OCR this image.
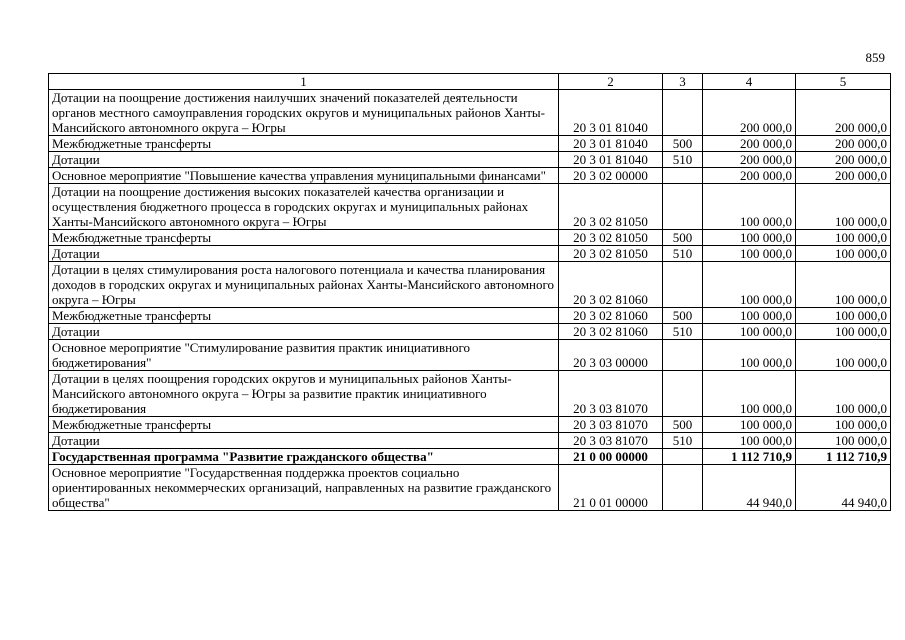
859
1	2	3	4	5
Дотации на поощрение достижения наилучших значений показателей деятельности органов местного самоуправления городских округов и муниципальных районов Ханты-Мансийского автономного округа – Югры	20 3 01 81040		200 000,0	200 000,0
Межбюджетные трансферты	20 3 01 81040	500	200 000,0	200 000,0
Дотации	20 3 01 81040	510	200 000,0	200 000,0
Основное мероприятие "Повышение качества управления муниципальными финансами"	20 3 02 00000		200 000,0	200 000,0
Дотации на поощрение достижения высоких показателей качества организации и осуществления бюджетного процесса в городских округах и муниципальных районах Ханты-Мансийского автономного округа – Югры	20 3 02 81050		100 000,0	100 000,0
Межбюджетные трансферты	20 3 02 81050	500	100 000,0	100 000,0
Дотации	20 3 02 81050	510	100 000,0	100 000,0
Дотации в целях стимулирования роста налогового потенциала и качества планирования доходов в городских округах и муниципальных районах Ханты-Мансийского автономного округа – Югры	20 3 02 81060		100 000,0	100 000,0
Межбюджетные трансферты	20 3 02 81060	500	100 000,0	100 000,0
Дотации	20 3 02 81060	510	100 000,0	100 000,0
Основное мероприятие "Стимулирование развития практик инициативного бюджетирования"	20 3 03 00000		100 000,0	100 000,0
Дотации в целях поощрения городских округов и муниципальных районов Ханты-Мансийского автономного округа – Югры за развитие практик инициативного бюджетирования	20 3 03 81070		100 000,0	100 000,0
Межбюджетные трансферты	20 3 03 81070	500	100 000,0	100 000,0
Дотации	20 3 03 81070	510	100 000,0	100 000,0
Государственная программа "Развитие гражданского общества"	21 0 00 00000		1 112 710,9	1 112 710,9
Основное мероприятие "Государственная поддержка проектов социально ориентированных некоммерческих организаций, направленных на развитие гражданского общества"	21 0 01 00000		44 940,0	44 940,0
